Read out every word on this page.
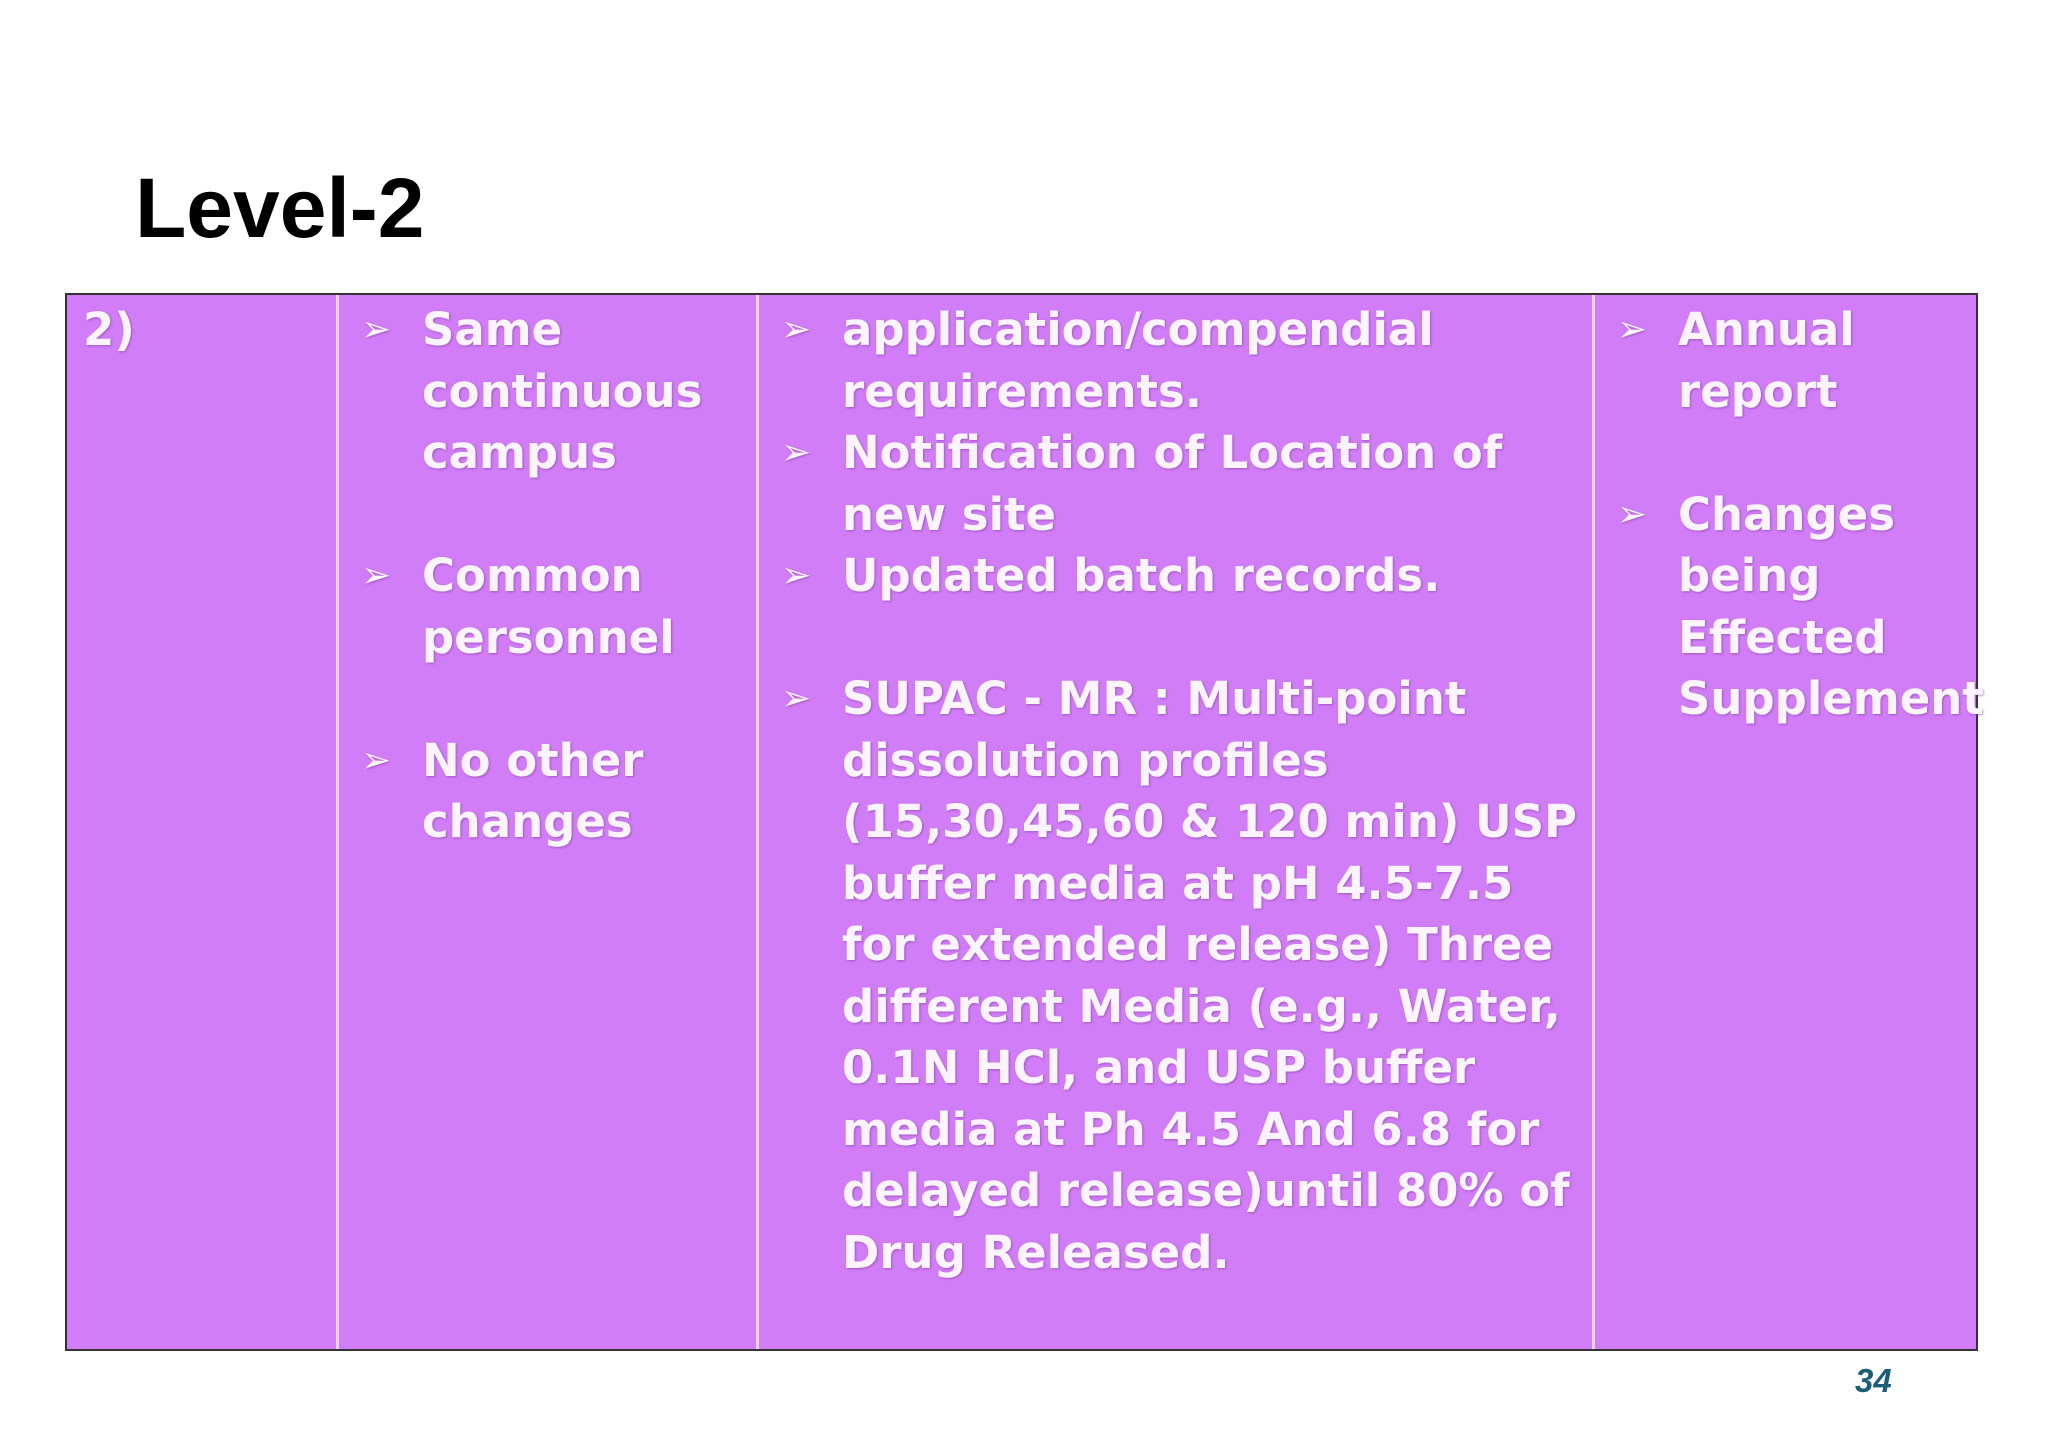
Level-2
2)	➢ Same continuous campus
➢ Common personnel
➢ No other changes
➢ application/compendial requirements.
➢ Notification of Location of new site
➢ Updated batch records.
➢ SUPAC - MR : Multi-point dissolution profiles (15,30,45,60 & 120 min) USP buffer media at pH 4.5-7.5 for extended release) Three different Media (e.g., Water, 0.1N HCl, and USP buffer media at Ph 4.5 And 6.8 for delayed release)until 80% of Drug Released.
➢ Annual report
➢ Changes being Effected Supplement
34
